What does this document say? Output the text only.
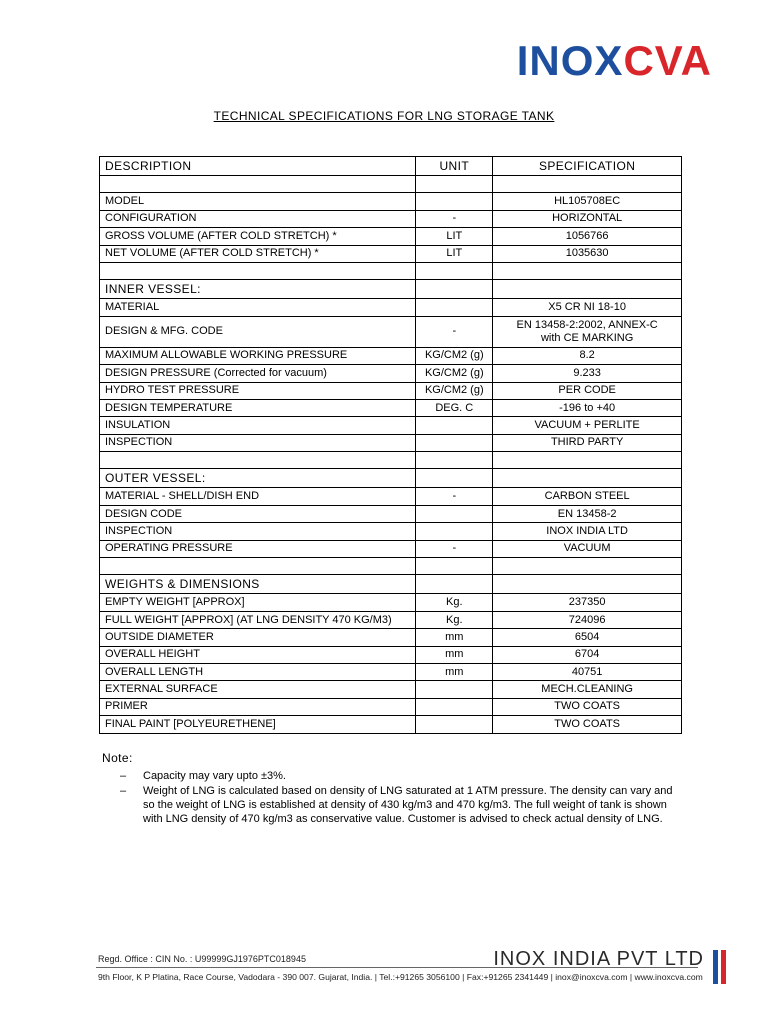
INOXCVA
TECHNICAL SPECIFICATIONS FOR LNG STORAGE TANK
DESCRIPTION	UNIT	SPECIFICATION

MODEL		HL105708EC
CONFIGURATION	-	HORIZONTAL
GROSS VOLUME (AFTER COLD STRETCH) *	LIT	1056766
NET VOLUME (AFTER COLD STRETCH) *	LIT	1035630

INNER VESSEL:		
MATERIAL		X5 CR NI 18-10
DESIGN & MFG. CODE	-	EN 13458-2:2002, ANNEX-C
with CE MARKING
MAXIMUM ALLOWABLE WORKING PRESSURE	KG/CM2 (g)	8.2
DESIGN PRESSURE (Corrected for vacuum)	KG/CM2 (g)	9.233
HYDRO TEST PRESSURE	KG/CM2 (g)	PER CODE
DESIGN TEMPERATURE	DEG. C	-196 to +40
INSULATION		VACUUM + PERLITE
INSPECTION		THIRD PARTY

OUTER VESSEL:		
MATERIAL - SHELL/DISH END	-	CARBON STEEL
DESIGN CODE		EN 13458-2
INSPECTION		INOX INDIA LTD
OPERATING PRESSURE	-	VACUUM

WEIGHTS & DIMENSIONS		
EMPTY WEIGHT [APPROX]	Kg.	237350
FULL WEIGHT [APPROX] (AT LNG DENSITY 470 KG/M3)	Kg.	724096
OUTSIDE DIAMETER	mm	6504
OVERALL HEIGHT	mm	6704
OVERALL LENGTH	mm	40751
EXTERNAL SURFACE		MECH.CLEANING
PRIMER		TWO COATS
FINAL PAINT [POLYEURETHENE]		TWO COATS
Note:
– Capacity may vary upto ±3%.
– Weight of LNG is calculated based on density of LNG saturated at 1 ATM pressure. The density can vary and so the weight of LNG is established at density of 430 kg/m3 and 470 kg/m3. The full weight of tank is shown with LNG density of 470 kg/m3 as conservative value. Customer is advised to check actual density of LNG.
Regd. Office : CIN No. : U99999GJ1976PTC018945	INOX INDIA PVT LTD
9th Floor, K P Platina, Race Course, Vadodara - 390 007. Gujarat, India. | Tel.:+91265 3056100 | Fax:+91265 2341449 | inox@inoxcva.com | www.inoxcva.com
